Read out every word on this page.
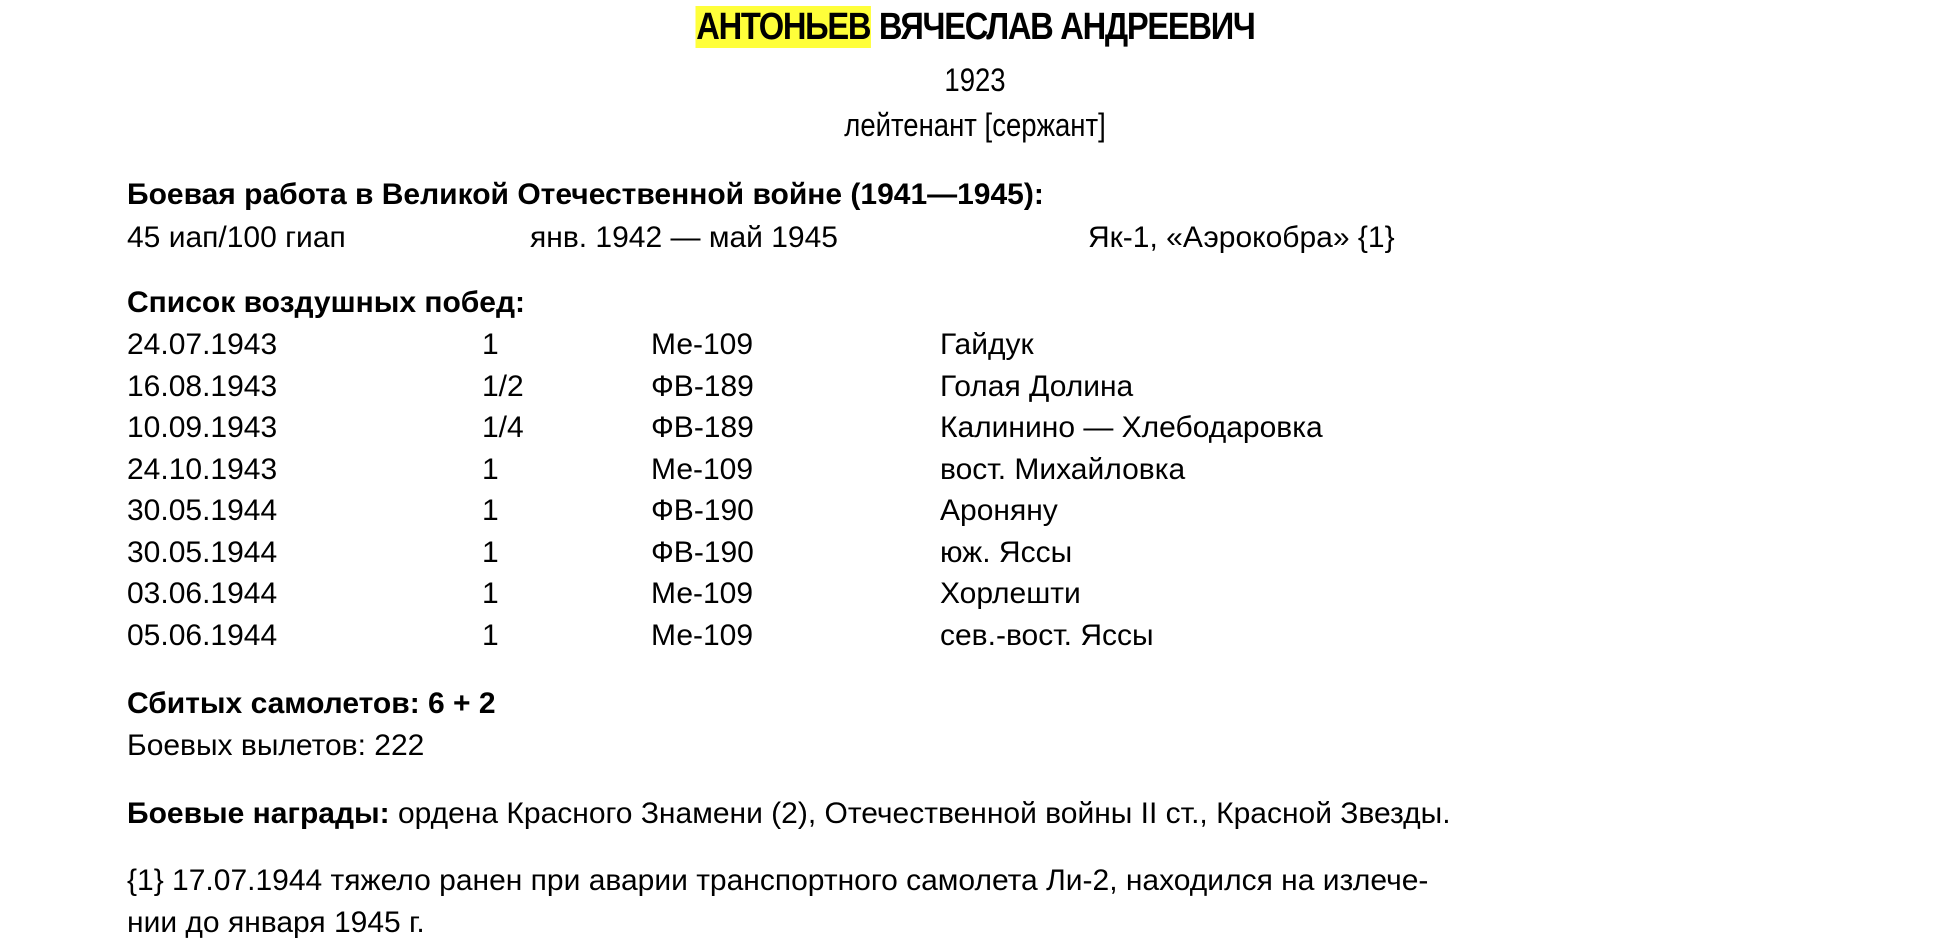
АНТОНЬЕВ ВЯЧЕСЛАВ АНДРЕЕВИЧ
1923
лейтенант [сержант]
Боевая работа в Великой Отечественной войне (1941—1945):
45 иап/100 гиап	янв. 1942 — май 1945	Як-1, «Аэрокобра» {1}
Список воздушных побед:
24.07.1943	1	Ме-109	Гайдук
16.08.1943	1/2	ФВ-189	Голая Долина
10.09.1943	1/4	ФВ-189	Калинино — Хлебодаровка
24.10.1943	1	Ме-109	вост. Михайловка
30.05.1944	1	ФВ-190	Ароняну
30.05.1944	1	ФВ-190	юж. Яссы
03.06.1944	1	Ме-109	Хорлешти
05.06.1944	1	Ме-109	сев.-вост. Яссы
Сбитых самолетов: 6 + 2
Боевых вылетов: 222
Боевые награды: ордена Красного Знамени (2), Отечественной войны II ст., Красной Звезды.
{1} 17.07.1944 тяжело ранен при аварии транспортного самолета Ли-2, находился на излече-
нии до января 1945 г.
